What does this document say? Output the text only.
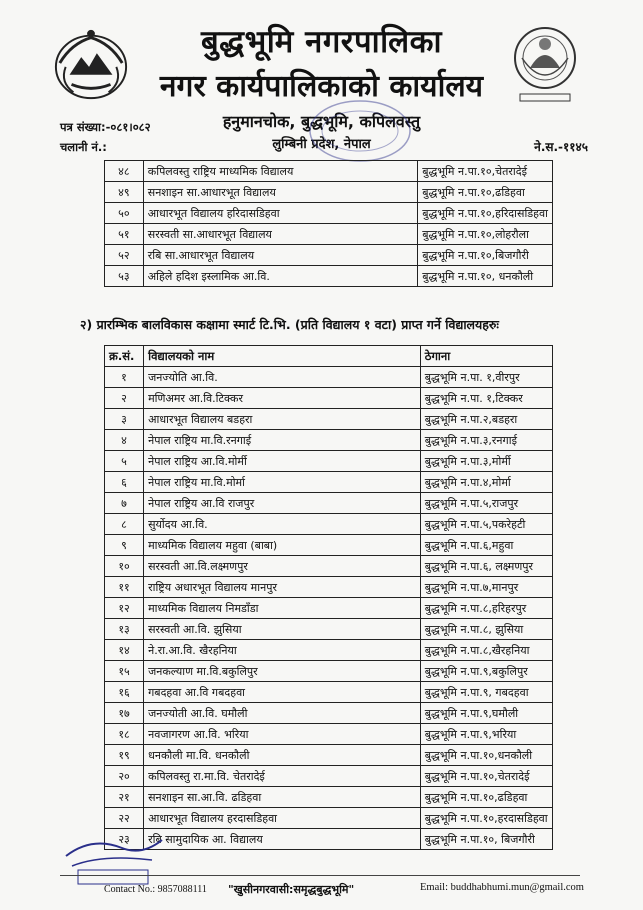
बुद्धभूमि नगरपालिका
नगर कार्यपालिकाको कार्यालय
हनुमानचोक, बुद्धभूमि, कपिलवस्तु
लुम्बिनी प्रदेश, नेपाल
पत्र संख्या:-०८१।०८२
चलानी नं.:	ने.स.-११४५
४८	कपिलवस्तु राष्ट्रिय माध्यमिक विद्यालय	बुद्धभूमि न.पा.१०,चेतरादेई
४९	सनशाइन सा.आधारभूत विद्यालय	बुद्धभूमि न.पा.१०,ढडिहवा
५०	आधारभूत विद्यालय हरिदासडिहवा	बुद्धभूमि न.पा.१०,हरिदासडिहवा
५१	सरस्वती सा.आधारभूत विद्यालय	बुद्धभूमि न.पा.१०,लोहरौला
५२	रबि सा.आधारभूत विद्यालय	बुद्धभूमि न.पा.१०,बिजगौरी
५३	अहिले हदिश इस्लामिक आ.वि.	बुद्धभूमि न.पा.१०, धनकौली
२) प्रारम्भिक बालविकास कक्षामा स्मार्ट टि.भि. (प्रति विद्यालय १ वटा) प्राप्त गर्ने विद्यालयहरुः
क्र.सं.	विद्यालयको नाम	ठेगाना
१	जनज्योति आ.वि.	बुद्धभूमि न.पा. १,वीरपुर
२	मणिअमर आ.वि.टिक्कर	बुद्धभूमि न.पा. १,टिक्कर
३	आधारभूत विद्यालय बडहरा	बुद्धभूमि न.पा.२,बडहरा
४	नेपाल राष्ट्रिय मा.वि.रनगाई	बुद्धभूमि न.पा.३,रनगाई
५	नेपाल राष्ट्रिय आ.वि.मोर्मी	बुद्धभूमि न.पा.३,मोर्मी
६	नेपाल राष्ट्रिय मा.वि.मोर्मा	बुद्धभूमि न.पा.४,मोर्मा
७	नेपाल राष्ट्रिय आ.वि राजपुर	बुद्धभूमि न.पा.५,राजपुर
८	सुर्योदय आ.वि.	बुद्धभूमि न.पा.५,पकरेहटी
९	माध्यमिक विद्यालय महुवा (बाबा)	बुद्धभूमि न.पा.६,महुवा
१०	सरस्वती आ.वि.लक्ष्मणपुर	बुद्धभूमि न.पा.६, लक्ष्मणपुर
११	राष्ट्रिय अधारभूत विद्यालय मानपुर	बुद्धभूमि न.पा.७,मानपुर
१२	माध्यमिक विद्यालय निमडाँडा	बुद्धभूमि न.पा.८,हरिहरपुर
१३	सरस्वती आ.वि. झुसिया	बुद्धभूमि न.पा.८, झुसिया
१४	ने.रा.आ.वि. खैरहनिया	बुद्धभूमि न.पा.८,खैरहनिया
१५	जनकल्याण मा.वि.बकुलिपुर	बुद्धभूमि न.पा.९,बकुलिपुर
१६	गबदहवा आ.वि गबदहवा	बुद्धभूमि न.पा.९, गबदहवा
१७	जनज्योती आ.वि. घमौली	बुद्धभूमि न.पा.९,घमौली
१८	नवजागरण आ.वि. भरिया	बुद्धभूमि न.पा.९,भरिया
१९	धनकौली मा.वि. धनकौली	बुद्धभूमि न.पा.१०,धनकौली
२०	कपिलवस्तु रा.मा.वि. चेतरादेई	बुद्धभूमि न.पा.१०,चेतरादेई
२१	सनशाइन सा.आ.वि. ढडिहवा	बुद्धभूमि न.पा.१०,ढडिहवा
२२	आधारभूत विद्यालय हरदासडिहवा	बुद्धभूमि न.पा.१०,हरदासडिहवा
२३	रबि सामुदायिक आ. विद्यालय	बुद्धभूमि न.पा.१०, बिजगौरी
Contact No.: 9857088111 "खुसीनगरवासी:समृद्धबुद्धभूमि"	Email: buddhabhumi.mun@gmail.com
